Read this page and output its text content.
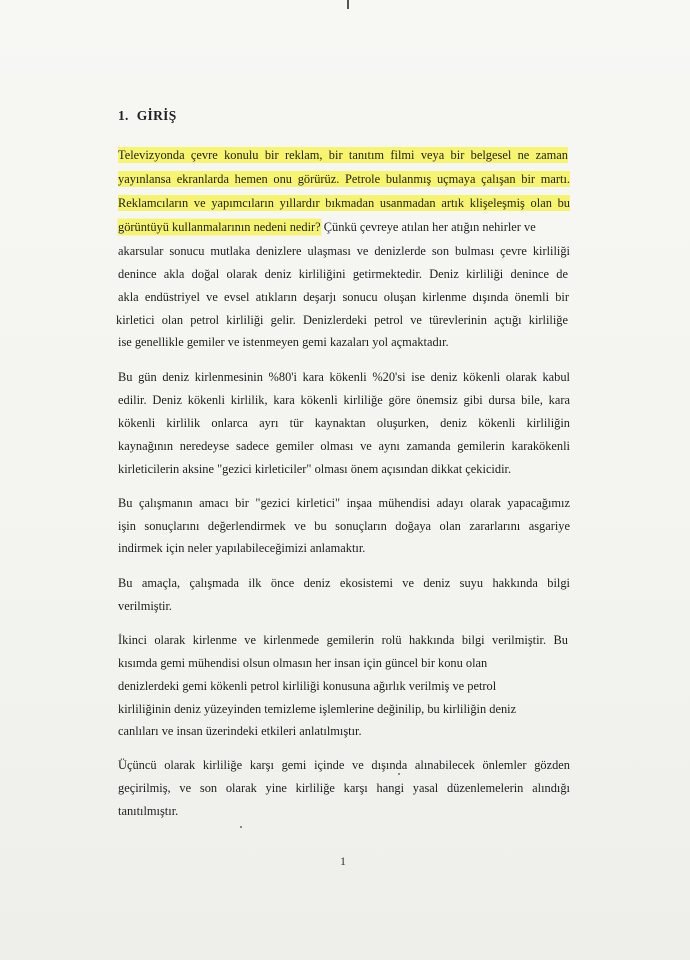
1. GİRİŞ
Televizyonda çevre konulu bir reklam, bir tanıtım filmi veya bir belgesel ne zaman
yayınlansa ekranlarda hemen onu görürüz. Petrole bulanmış uçmaya çalışan bir martı.
Reklamcıların ve yapımcıların yıllardır bıkmadan usanmadan artık klişeleşmiş olan bu
görüntüyü kullanmalarının nedeni nedir? Çünkü çevreye atılan her atığın nehirler ve
akarsular sonucu mutlaka denizlere ulaşması ve denizlerde son bulması çevre kirliliği
denince akla doğal olarak deniz kirliliğini getirmektedir. Deniz kirliliği denince de
akla endüstriyel ve evsel atıkların deşarjı sonucu oluşan kirlenme dışında önemli bir
kirletici olan petrol kirliliği gelir. Denizlerdeki petrol ve türevlerinin açtığı kirliliğe
ise genellikle gemiler ve istenmeyen gemi kazaları yol açmaktadır.
Bu gün deniz kirlenmesinin %80'i kara kökenli %20'si ise deniz kökenli olarak kabul
edilir. Deniz kökenli kirlilik, kara kökenli kirliliğe göre önemsiz gibi dursa bile, kara
kökenli kirlilik onlarca ayrı tür kaynaktan oluşurken, deniz kökenli kirliliğin
kaynağının neredeyse sadece gemiler olması ve aynı zamanda gemilerin karakökenli
kirleticilerin aksine "gezici kirleticiler" olması önem açısından dikkat çekicidir.
Bu çalışmanın amacı bir "gezici kirletici" inşaa mühendisi adayı olarak yapacağımız
işin sonuçlarını değerlendirmek ve bu sonuçların doğaya olan zararlarını asgariye
indirmek için neler yapılabileceğimizi anlamaktır.
Bu amaçla, çalışmada ilk önce deniz ekosistemi ve deniz suyu hakkında bilgi
verilmiştir.
İkinci olarak kirlenme ve kirlenmede gemilerin rolü hakkında bilgi verilmiştir. Bu
kısımda gemi mühendisi olsun olmasın her insan için güncel bir konu olan
denizlerdeki gemi kökenli petrol kirliliği konusuna ağırlık verilmiş ve petrol
kirliliğinin deniz yüzeyinden temizleme işlemlerine değinilip, bu kirliliğin deniz
canlıları ve insan üzerindeki etkileri anlatılmıştır.
Üçüncü olarak kirliliğe karşı gemi içinde ve dışında alınabilecek önlemler gözden
geçirilmiş, ve son olarak yine kirliliğe karşı hangi yasal düzenlemelerin alındığı
tanıtılmıştır.
1
